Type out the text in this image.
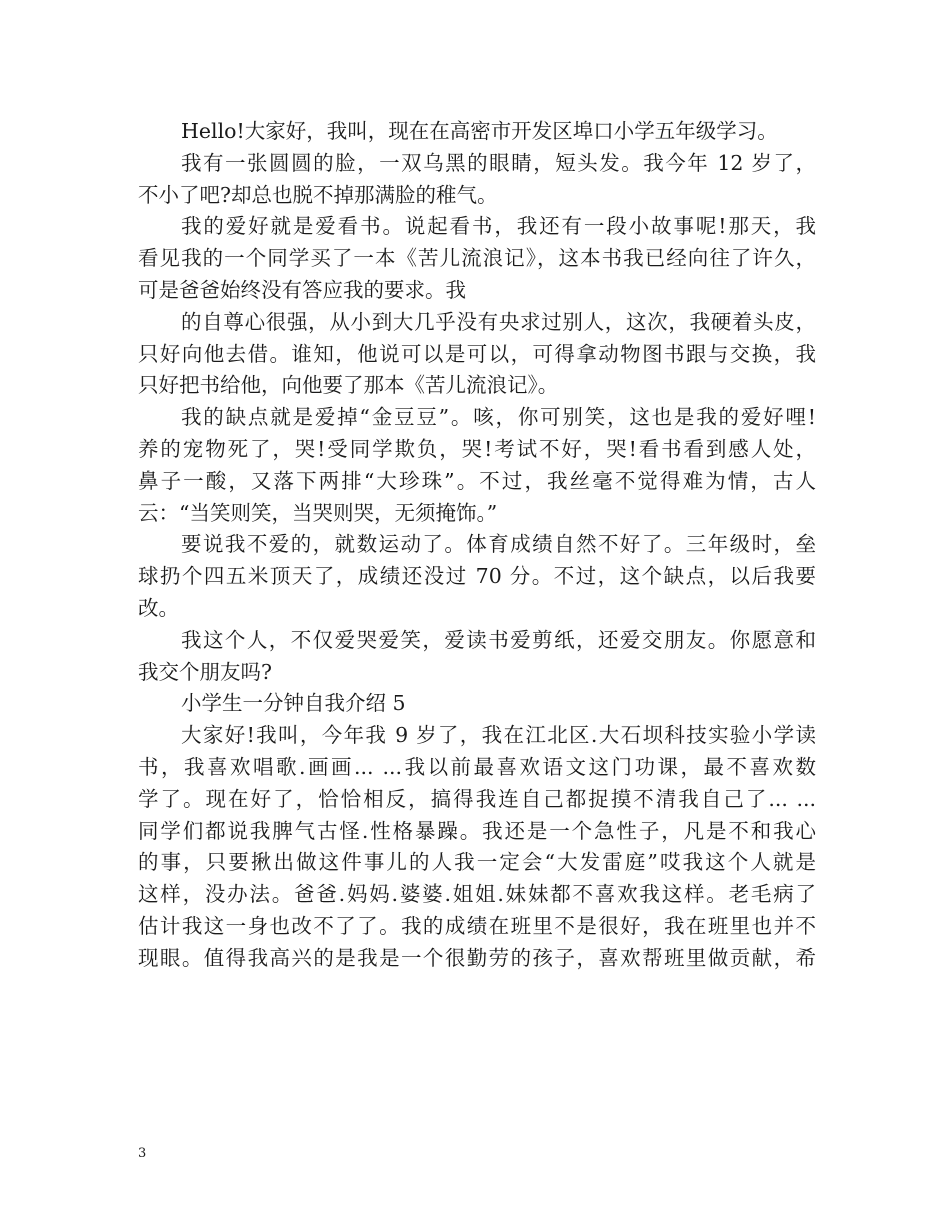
Hello!大家好，我叫，现在在高密市开发区埠口小学五年级学习。
我有一张圆圆的脸，一双乌黑的眼睛，短头发。我今年 12 岁了，
不小了吧?却总也脱不掉那满脸的稚气。
我的爱好就是爱看书。说起看书，我还有一段小故事呢!那天，我
看见我的一个同学买了一本《苦儿流浪记》，这本书我已经向往了许久，
可是爸爸始终没有答应我的要求。我
的自尊心很强，从小到大几乎没有央求过别人，这次，我硬着头皮，
只好向他去借。谁知，他说可以是可以，可得拿动物图书跟与交换，我
只好把书给他，向他要了那本《苦儿流浪记》。
我的缺点就是爱掉“金豆豆”。咳，你可别笑，这也是我的爱好哩!
养的宠物死了，哭!受同学欺负，哭!考试不好，哭!看书看到感人处，
鼻子一酸，又落下两排“大珍珠”。不过，我丝毫不觉得难为情，古人
云：“当笑则笑，当哭则哭，无须掩饰。”
要说我不爱的，就数运动了。体育成绩自然不好了。三年级时，垒
球扔个四五米顶天了，成绩还没过 70 分。不过，这个缺点，以后我要
改。
我这个人，不仅爱哭爱笑，爱读书爱剪纸，还爱交朋友。你愿意和
我交个朋友吗?
小学生一分钟自我介绍 5
大家好!我叫，今年我 9 岁了，我在江北区.大石坝科技实验小学读
书，我喜欢唱歌.画画... ...我以前最喜欢语文这门功课，最不喜欢数
学了。现在好了，恰恰相反，搞得我连自己都捉摸不清我自己了... ...
同学们都说我脾气古怪.性格暴躁。我还是一个急性子，凡是不和我心
的事，只要揪出做这件事儿的人我一定会“大发雷庭”哎我这个人就是
这样，没办法。爸爸.妈妈.婆婆.姐姐.妹妹都不喜欢我这样。老毛病了
估计我这一身也改不了了。我的成绩在班里不是很好，我在班里也并不
现眼。值得我高兴的是我是一个很勤劳的孩子，喜欢帮班里做贡献，希
3
